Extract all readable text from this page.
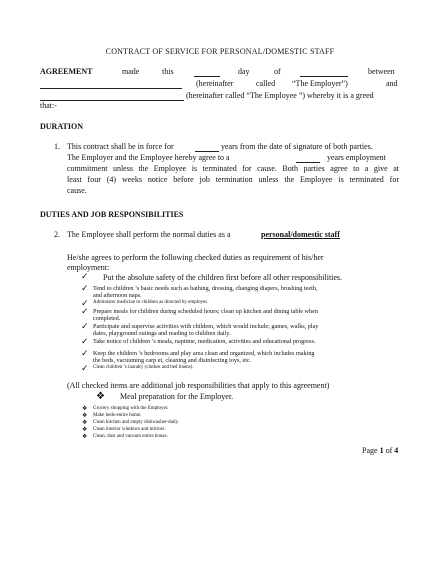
CONTRACT OF SERVICE FOR PERSONAL/DOMESTIC STAFF
AGREEMENT	made	this	day	of	between
(hereinafter	called “The Employer”)	and
(hereinafter called “The Employee ”) whereby it is a greed
that:-
DURATION
1. This contract shall be in force for	years from the date of signature of both parties.
The Employer and the Employee hereby agree to a	years employment
commitment unless the Employee is terminated for cause. Both parties agree to a give at
least four (4) weeks notice before job termination unless the Employee is terminated for
cause.
DUTIES AND JOB RESPONSIBILITIES
2. The Employee shall perform the normal duties as a	personal/domestic staff
He/she agrees to perform the following checked duties as requirement of his/her
employment:
✓ Put the absolute safety of the children first before all other responsibilities.
✓ Tend to children ’s basic needs such as bathing, dressing, changing diapers, brushing teeth,
and afternoon naps.
✓ Administer medicine to children as directed by employer.
✓ Prepare meals for children during scheduled hours; clean up kitchen and dining table when
completed.
✓ Participate and supervise activities with children, which would include; games, walks, play
dates, playground outings and reading to children daily.
✓ Take notice of children ’s meals, naptime, medication, activities and educational progress.
✓ Keep the children ’s bedrooms and play area clean and organized, which includes making
the beds, vacuuming carp et, cleaning and disinfecting toys, etc.
✓ Clean children ’s laundry (clothes and bed linens).
(All checked items are additional job responsibilities that apply to this agreement)
❖ Meal preparation for the Employer.
❖ Grocery shopping with the Employer.
❖ Make beds-entire home.
❖ Clean kitchen and empty dishwasher-daily.
❖ Clean interior windows and mirrors.
❖ Clean, dust and vacuum entire house.
Page 1 of 4
